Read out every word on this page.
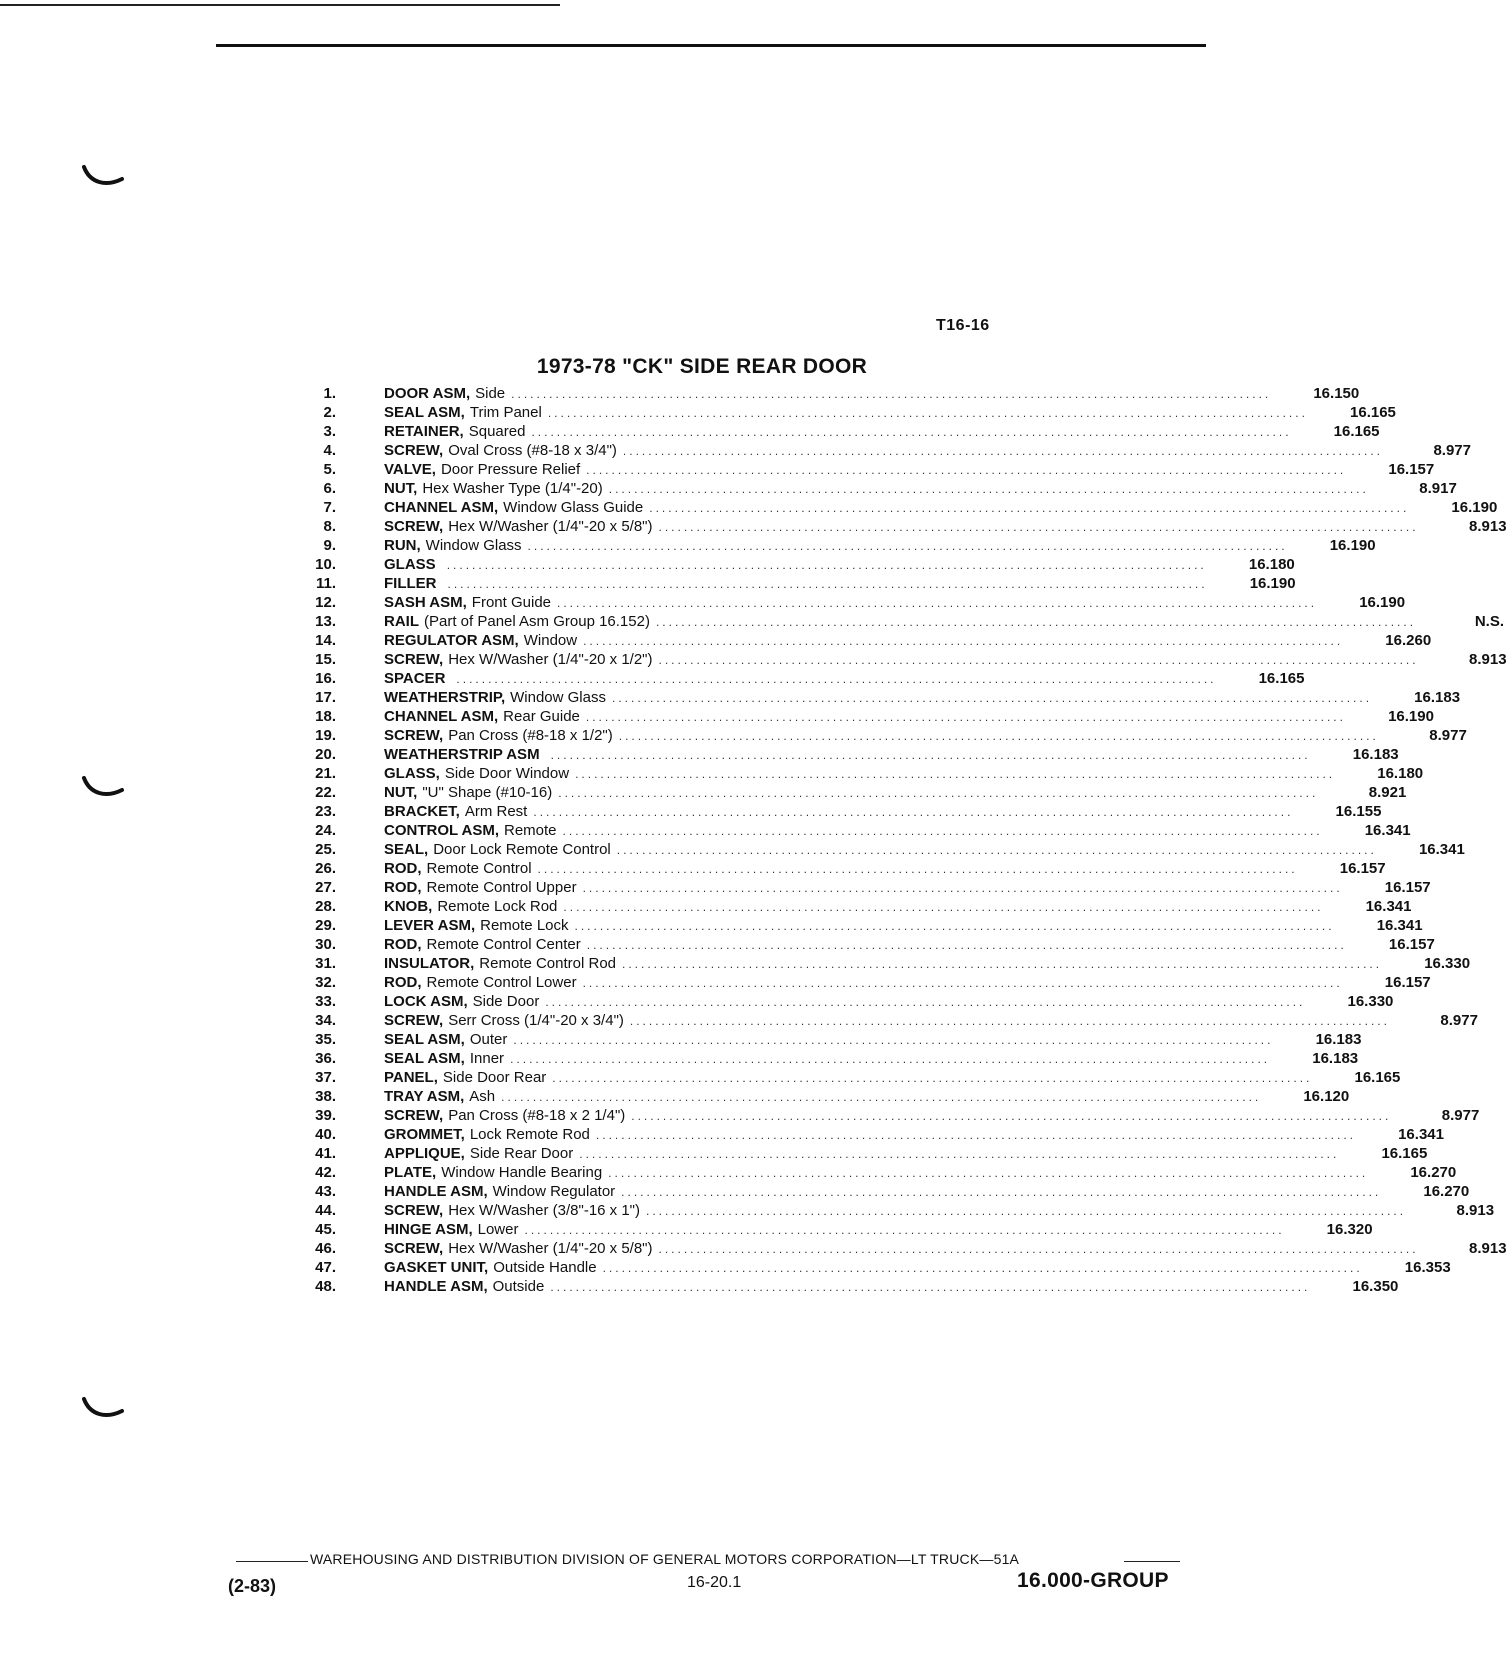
T16-16
1973-78 "CK" SIDE REAR DOOR
1.	DOOR ASM, Side ........................................................................................................................	16.150
2.	SEAL ASM, Trim Panel ........................................................................................................................	16.165
3.	RETAINER, Squared ........................................................................................................................	16.165
4.	SCREW, Oval Cross (#8-18 x 3/4") ........................................................................................................................	8.977
5.	VALVE, Door Pressure Relief ........................................................................................................................	16.157
6.	NUT, Hex Washer Type (1/4"-20) ........................................................................................................................	8.917
7.	CHANNEL ASM, Window Glass Guide ........................................................................................................................	16.190
8.	SCREW, Hex W/Washer (1/4"-20 x 5/8") ........................................................................................................................	8.913
9.	RUN, Window Glass ........................................................................................................................	16.190
10.	GLASS ........................................................................................................................	16.180
11.	FILLER ........................................................................................................................	16.190
12.	SASH ASM, Front Guide ........................................................................................................................	16.190
13.	RAIL (Part of Panel Asm Group 16.152) ........................................................................................................................	N.S.
14.	REGULATOR ASM, Window ........................................................................................................................	16.260
15.	SCREW, Hex W/Washer (1/4"-20 x 1/2") ........................................................................................................................	8.913
16.	SPACER ........................................................................................................................	16.165
17.	WEATHERSTRIP, Window Glass ........................................................................................................................	16.183
18.	CHANNEL ASM, Rear Guide ........................................................................................................................	16.190
19.	SCREW, Pan Cross (#8-18 x 1/2") ........................................................................................................................	8.977
20.	WEATHERSTRIP ASM ........................................................................................................................	16.183
21.	GLASS, Side Door Window ........................................................................................................................	16.180
22.	NUT, "U" Shape (#10-16) ........................................................................................................................	8.921
23.	BRACKET, Arm Rest ........................................................................................................................	16.155
24.	CONTROL ASM, Remote ........................................................................................................................	16.341
25.	SEAL, Door Lock Remote Control ........................................................................................................................	16.341
26.	ROD, Remote Control ........................................................................................................................	16.157
27.	ROD, Remote Control Upper ........................................................................................................................	16.157
28.	KNOB, Remote Lock Rod ........................................................................................................................	16.341
29.	LEVER ASM, Remote Lock ........................................................................................................................	16.341
30.	ROD, Remote Control Center ........................................................................................................................	16.157
31.	INSULATOR, Remote Control Rod ........................................................................................................................	16.330
32.	ROD, Remote Control Lower ........................................................................................................................	16.157
33.	LOCK ASM, Side Door ........................................................................................................................	16.330
34.	SCREW, Serr Cross (1/4"-20 x 3/4") ........................................................................................................................	8.977
35.	SEAL ASM, Outer ........................................................................................................................	16.183
36.	SEAL ASM, Inner ........................................................................................................................	16.183
37.	PANEL, Side Door Rear ........................................................................................................................	16.165
38.	TRAY ASM, Ash ........................................................................................................................	16.120
39.	SCREW, Pan Cross (#8-18 x 2 1/4") ........................................................................................................................	8.977
40.	GROMMET, Lock Remote Rod ........................................................................................................................	16.341
41.	APPLIQUE, Side Rear Door ........................................................................................................................	16.165
42.	PLATE, Window Handle Bearing ........................................................................................................................	16.270
43.	HANDLE ASM, Window Regulator ........................................................................................................................	16.270
44.	SCREW, Hex W/Washer (3/8"-16 x 1") ........................................................................................................................	8.913
45.	HINGE ASM, Lower ........................................................................................................................	16.320
46.	SCREW, Hex W/Washer (1/4"-20 x 5/8") ........................................................................................................................	8.913
47.	GASKET UNIT, Outside Handle ........................................................................................................................	16.353
48.	HANDLE ASM, Outside ........................................................................................................................	16.350
WAREHOUSING AND DISTRIBUTION DIVISION OF GENERAL MOTORS CORPORATION—LT TRUCK—51A
(2-83)	16-20.1	16.000-GROUP
